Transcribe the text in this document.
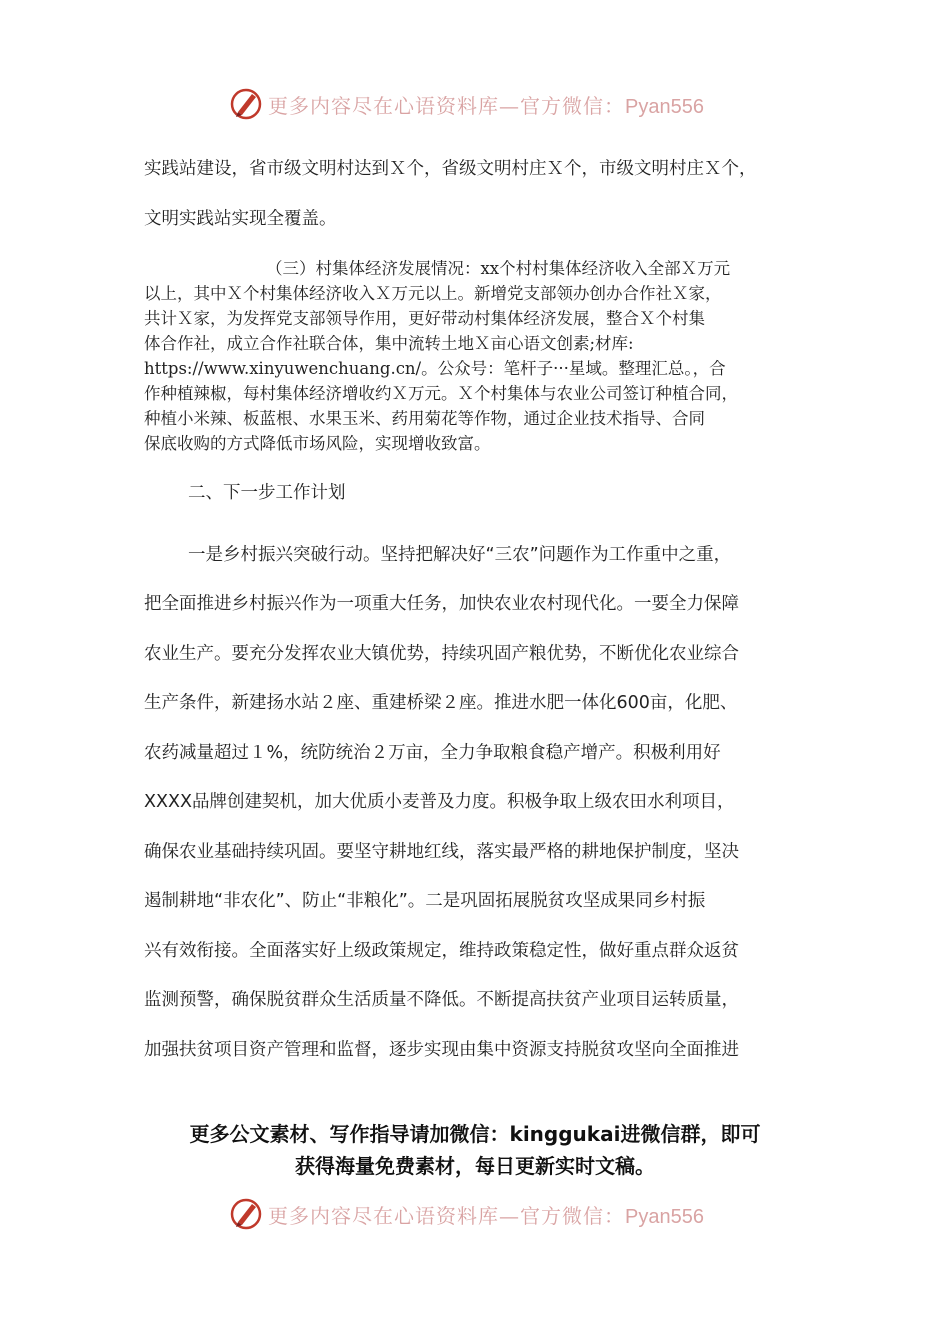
更多内容尽在心语资料库—官方微信：Pyan556
实践站建设，省市级文明村达到Ｘ个，省级文明村庄Ｘ个，市级文明村庄Ｘ个，
文明实践站实现全覆盖。
（三）村集体经济发展情况：xx个村村集体经济收入全部Ｘ万元
以上，其中Ｘ个村集体经济收入Ｘ万元以上。新增党支部领办创办合作社Ｘ家，
共计Ｘ家，为发挥党支部领导作用，更好带动村集体经济发展，整合Ｘ个村集
体合作社，成立合作社联合体，集中流转土地Ｘ亩心语文创素;材库:
https://www.xinyuwenchuang.cn/。公众号：笔杆子···星域。整理汇总。，合
作种植辣椒，每村集体经济增收约Ｘ万元。Ｘ个村集体与农业公司签订种植合同，
种植小米辣、板蓝根、水果玉米、药用菊花等作物，通过企业技术指导、合同
保底收购的方式降低市场风险，实现增收致富。
二、下一步工作计划
一是乡村振兴突破行动。坚持把解决好“三农”问题作为工作重中之重，
把全面推进乡村振兴作为一项重大任务，加快农业农村现代化。一要全力保障
农业生产。要充分发挥农业大镇优势，持续巩固产粮优势，不断优化农业综合
生产条件，新建扬水站２座、重建桥梁２座。推进水肥一体化600亩，化肥、
农药减量超过１%，统防统治２万亩，全力争取粮食稳产增产。积极利用好
XXXX品牌创建契机，加大优质小麦普及力度。积极争取上级农田水利项目，
确保农业基础持续巩固。要坚守耕地红线，落实最严格的耕地保护制度，坚决
遏制耕地“非农化”、防止“非粮化”。二是巩固拓展脱贫攻坚成果同乡村振
兴有效衔接。全面落实好上级政策规定，维持政策稳定性，做好重点群众返贫
监测预警，确保脱贫群众生活质量不降低。不断提高扶贫产业项目运转质量，
加强扶贫项目资产管理和监督，逐步实现由集中资源支持脱贫攻坚向全面推进
更多公文素材、写作指导请加微信：kinggukai进微信群，即可
获得海量免费素材，每日更新实时文稿。
更多内容尽在心语资料库—官方微信：Pyan556
